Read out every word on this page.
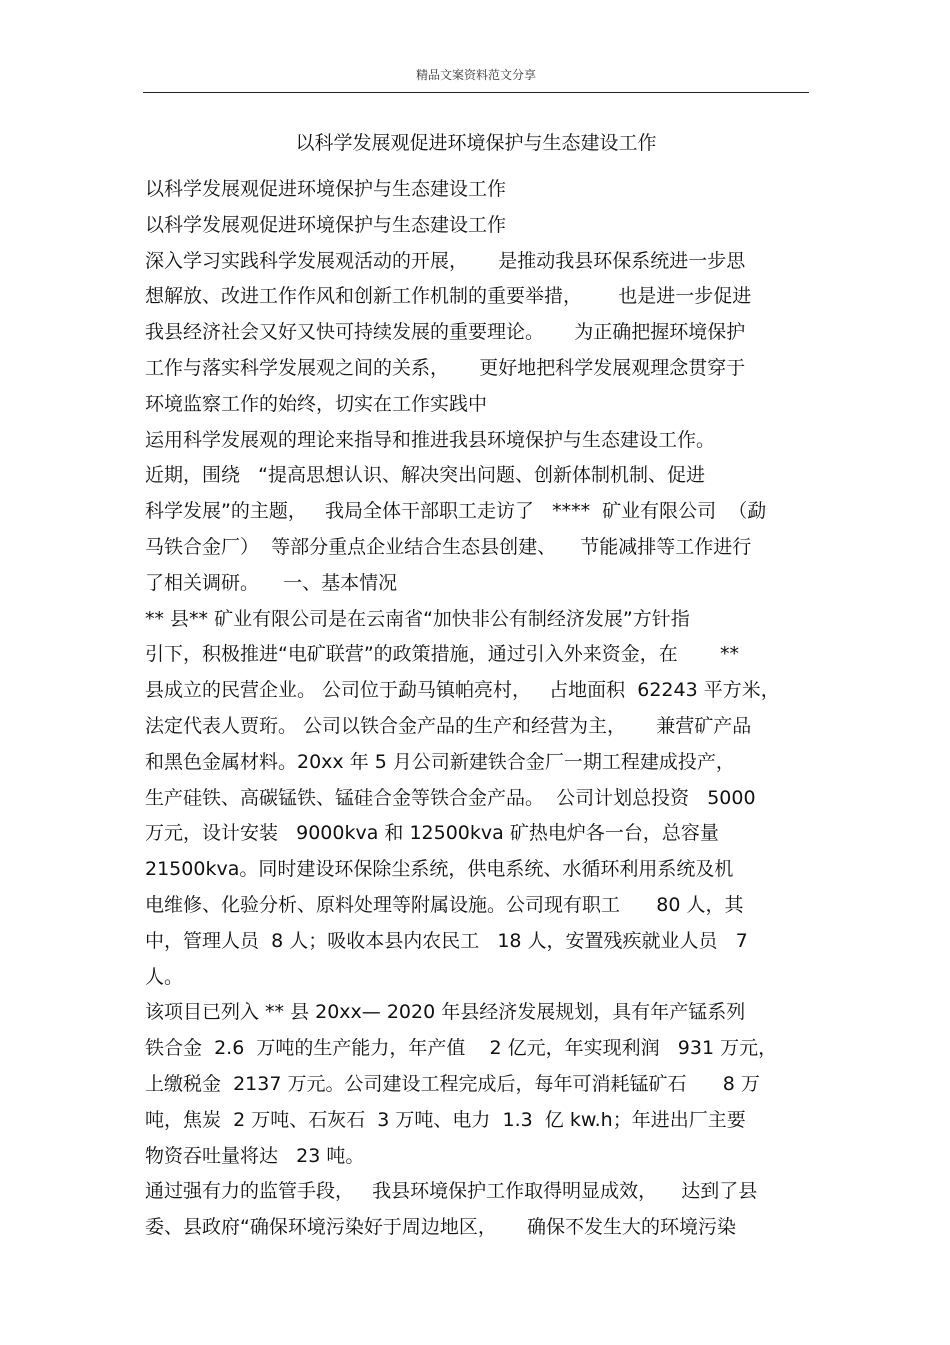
精品文案资料范文分享
以科学发展观促进环境保护与生态建设工作
以科学发展观促进环境保护与生态建设工作
以科学发展观促进环境保护与生态建设工作
深入学习实践科学发展观活动的开展，     是推动我县环保系统进一步思
想解放、改进工作作风和创新工作机制的重要举措，      也是进一步促进
我县经济社会又好又快可持续发展的重要理论。     为正确把握环境保护
工作与落实科学发展观之间的关系，     更好地把科学发展观理念贯穿于
环境监察工作的始终，切实在工作实践中
运用科学发展观的理论来指导和推进我县环境保护与生态建设工作。
近期，围绕   “提高思想认识、解决突出问题、创新体制机制、促进
科学发展”的主题，   我局全体干部职工走访了   ****  矿业有限公司  （勐
马铁合金厂）  等部分重点企业结合生态县创建、    节能减排等工作进行
了相关调研。    一、基本情况
** 县** 矿业有限公司是在云南省“加快非公有制经济发展”方针指
引下，积极推进“电矿联营”的政策措施，通过引入外来资金，在       **
县成立的民营企业。 公司位于勐马镇帕亮村，   占地面积  62243 平方米，
法定代表人贾珩。 公司以铁合金产品的生产和经营为主，     兼营矿产品
和黑色金属材料。20xx 年 5 月公司新建铁合金厂一期工程建成投产，
生产硅铁、高碳锰铁、锰硅合金等铁合金产品。  公司计划总投资   5000
万元，设计安装   9000kva 和 12500kva 矿热电炉各一台，总容量
21500kva。同时建设环保除尘系统，供电系统、水循环利用系统及机
电维修、化验分析、原料处理等附属设施。公司现有职工      80 人，其
中，管理人员  8 人；吸收本县内农民工   18 人，安置残疾就业人员   7
人。
该项目已列入 ** 县 20xx— 2020 年县经济发展规划，具有年产锰系列
铁合金  2.6  万吨的生产能力，年产值    2 亿元，年实现利润   931 万元，
上缴税金  2137 万元。公司建设工程完成后，每年可消耗锰矿石      8 万
吨，焦炭  2 万吨、石灰石  3 万吨、电力  1.3  亿 kw.h；年进出厂主要
物资吞吐量将达   23 吨。
通过强有力的监管手段，   我县环境保护工作取得明显成效，    达到了县
委、县政府“确保环境污染好于周边地区，     确保不发生大的环境污染
